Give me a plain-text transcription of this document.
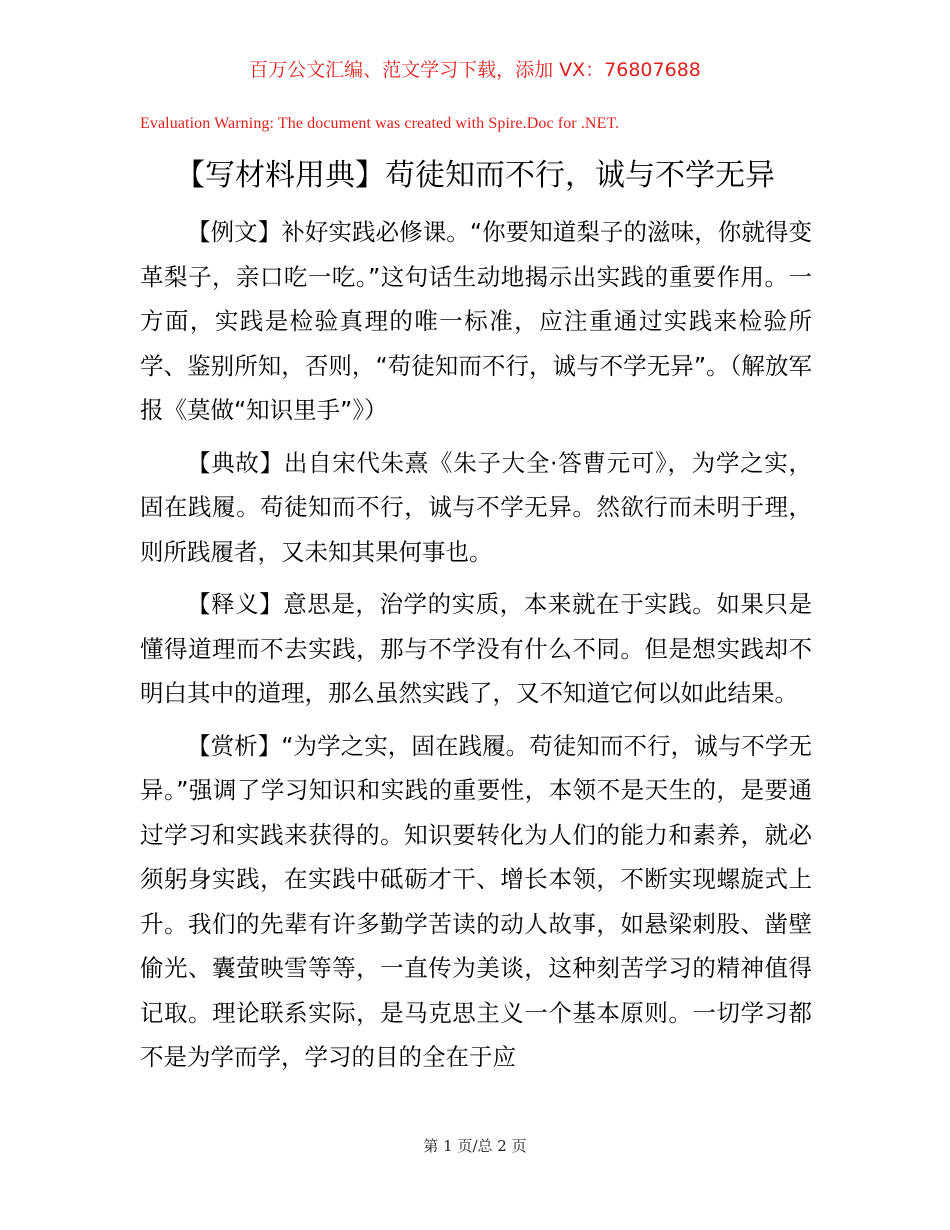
百万公文汇编、范文学习下载，添加 VX：76807688
Evaluation Warning: The document was created with Spire.Doc for .NET.
【写材料用典】苟徒知而不行，诚与不学无异

【例文】补好实践必修课。“你要知道梨子的滋味，你就得变革梨子，亲口吃一吃。”这句话生动地揭示出实践的重要作用。一方面，实践是检验真理的唯一标准，应注重通过实践来检验所学、鉴别所知，否则，“苟徒知而不行，诚与不学无异”。（解放军报《莫做“知识里手”》）

【典故】出自宋代朱熹《朱子大全·答曹元可》，为学之实，固在践履。苟徒知而不行，诚与不学无异。然欲行而未明于理，则所践履者，又未知其果何事也。

【释义】意思是，治学的实质，本来就在于实践。如果只是懂得道理而不去实践，那与不学没有什么不同。但是想实践却不明白其中的道理，那么虽然实践了，又不知道它何以如此结果。

【赏析】“为学之实，固在践履。苟徒知而不行，诚与不学无异。”强调了学习知识和实践的重要性，本领不是天生的，是要通过学习和实践来获得的。知识要转化为人们的能力和素养，就必须躬身实践，在实践中砥砺才干、增长本领，不断实现螺旋式上升。我们的先辈有许多勤学苦读的动人故事，如悬梁刺股、凿壁偷光、囊萤映雪等等，一直传为美谈，这种刻苦学习的精神值得记取。理论联系实际，是马克思主义一个基本原则。一切学习都不是为学而学，学习的目的全在于应

第 1 页/总 2 页
